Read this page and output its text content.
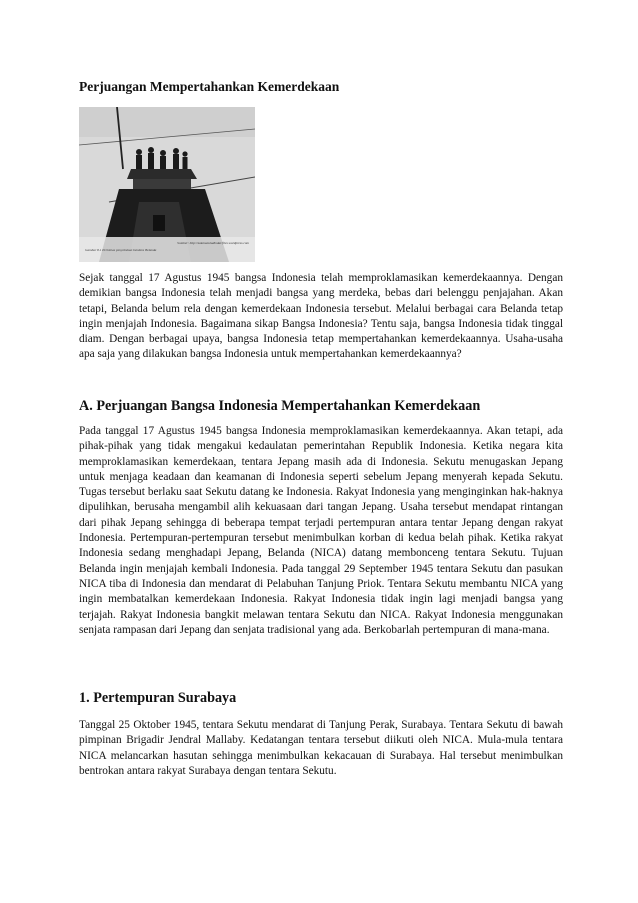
Perjuangan Mempertahankan Kemerdekaan
Sumber: http://sakmanuladindal.files.wordpress.com
Gambar 8.1 Peristiwa penyobekan bendera Belanda

Sejak tanggal 17 Agustus 1945 bangsa Indonesia telah memproklamasikan kemerdekaannya. Dengan demikian bangsa Indonesia telah menjadi bangsa yang merdeka, bebas dari belenggu penjajahan. Akan tetapi, Belanda belum rela dengan kemerdekaan Indonesia tersebut. Melalui berbagai cara Belanda tetap ingin menjajah Indonesia. Bagaimana sikap Bangsa Indonesia? Tentu saja, bangsa Indonesia tidak tinggal diam. Dengan berbagai upaya, bangsa Indonesia tetap mempertahankan kemerdekaannya. Usaha-usaha apa saja yang dilakukan bangsa Indonesia untuk mempertahankan kemerdekaannya?

A. Perjuangan Bangsa Indonesia Mempertahankan Kemerdekaan

Pada tanggal 17 Agustus 1945 bangsa Indonesia memproklamasikan kemerdekaannya. Akan tetapi, ada pihak-pihak yang tidak mengakui kedaulatan pemerintahan Republik Indonesia. Ketika negara kita memproklamasikan kemerdekaan, tentara Jepang masih ada di Indonesia. Sekutu menugaskan Jepang untuk menjaga keadaan dan keamanan di Indonesia seperti sebelum Jepang menyerah kepada Sekutu. Tugas tersebut berlaku saat Sekutu datang ke Indonesia. Rakyat Indonesia yang menginginkan hak-haknya dipulihkan, berusaha mengambil alih kekuasaan dari tangan Jepang. Usaha tersebut mendapat rintangan dari pihak Jepang sehingga di beberapa tempat terjadi pertempuran antara tentar Jepang dengan rakyat Indonesia. Pertempuran-pertempuran tersebut menimbulkan korban di kedua belah pihak. Ketika rakyat Indonesia sedang menghadapi Jepang, Belanda (NICA) datang membonceng tentara Sekutu. Tujuan Belanda ingin menjajah kembali Indonesia. Pada tanggal 29 September 1945 tentara Sekutu dan pasukan NICA tiba di Indonesia dan mendarat di Pelabuhan Tanjung Priok. Tentara Sekutu membantu NICA yang ingin membatalkan kemerdekaan Indonesia. Rakyat Indonesia tidak ingin lagi menjadi bangsa yang terjajah. Rakyat Indonesia bangkit melawan tentara Sekutu dan NICA. Rakyat Indonesia menggunakan senjata rampasan dari Jepang dan senjata tradisional yang ada. Berkobarlah pertempuran di mana-mana.

1. Pertempuran Surabaya

Tanggal 25 Oktober 1945, tentara Sekutu mendarat di Tanjung Perak, Surabaya. Tentara Sekutu di bawah pimpinan Brigadir Jendral Mallaby. Kedatangan tentara tersebut diikuti oleh NICA. Mula-mula tentara NICA melancarkan hasutan sehingga menimbulkan kekacauan di Surabaya. Hal tersebut menimbulkan bentrokan antara rakyat Surabaya dengan tentara Sekutu.
